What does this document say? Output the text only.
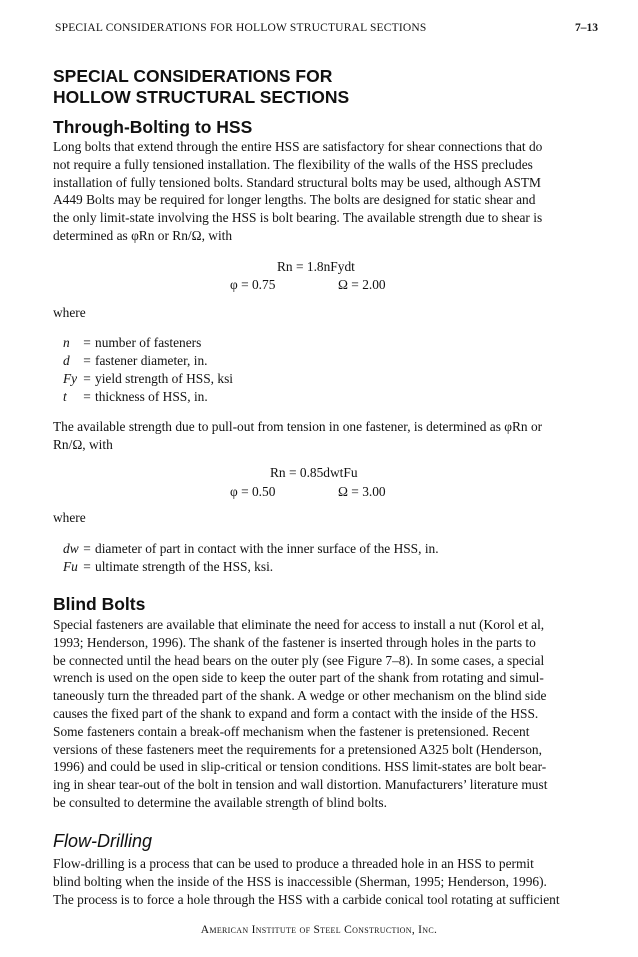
SPECIAL CONSIDERATIONS FOR HOLLOW STRUCTURAL SECTIONS	7–13
SPECIAL CONSIDERATIONS FOR
HOLLOW STRUCTURAL SECTIONS
Through-Bolting to HSS
Long bolts that extend through the entire HSS are satisfactory for shear connections that do
not require a fully tensioned installation. The flexibility of the walls of the HSS precludes
installation of fully tensioned bolts. Standard structural bolts may be used, although ASTM
A449 Bolts may be required for longer lengths. The bolts are designed for static shear and
the only limit-state involving the HSS is bolt bearing. The available strength due to shear is
determined as φRn or Rn/Ω, with
Rn = 1.8nFydt
φ = 0.75	Ω = 2.00
where
n	= number of fasteners
d	= fastener diameter, in.
Fy = yield strength of HSS, ksi
t	= thickness of HSS, in.
The available strength due to pull-out from tension in one fastener, is determined as φRn or
Rn/Ω, with
Rn = 0.85dwtFu
φ = 0.50	Ω = 3.00
where
dw = diameter of part in contact with the inner surface of the HSS, in.
Fu = ultimate strength of the HSS, ksi.
Blind Bolts
Special fasteners are available that eliminate the need for access to install a nut (Korol et al,
1993; Henderson, 1996). The shank of the fastener is inserted through holes in the parts to
be connected until the head bears on the outer ply (see Figure 7–8). In some cases, a special
wrench is used on the open side to keep the outer part of the shank from rotating and simul-
taneously turn the threaded part of the shank. A wedge or other mechanism on the blind side
causes the fixed part of the shank to expand and form a contact with the inside of the HSS.
Some fasteners contain a break-off mechanism when the fastener is pretensioned. Recent
versions of these fasteners meet the requirements for a pretensioned A325 bolt (Henderson,
1996) and could be used in slip-critical or tension conditions. HSS limit-states are bolt bear-
ing in shear tear-out of the bolt in tension and wall distortion. Manufacturers’ literature must
be consulted to determine the available strength of blind bolts.
Flow-Drilling
Flow-drilling is a process that can be used to produce a threaded hole in an HSS to permit
blind bolting when the inside of the HSS is inaccessible (Sherman, 1995; Henderson, 1996).
The process is to force a hole through the HSS with a carbide conical tool rotating at sufficient
American Institute of Steel Construction, Inc.
